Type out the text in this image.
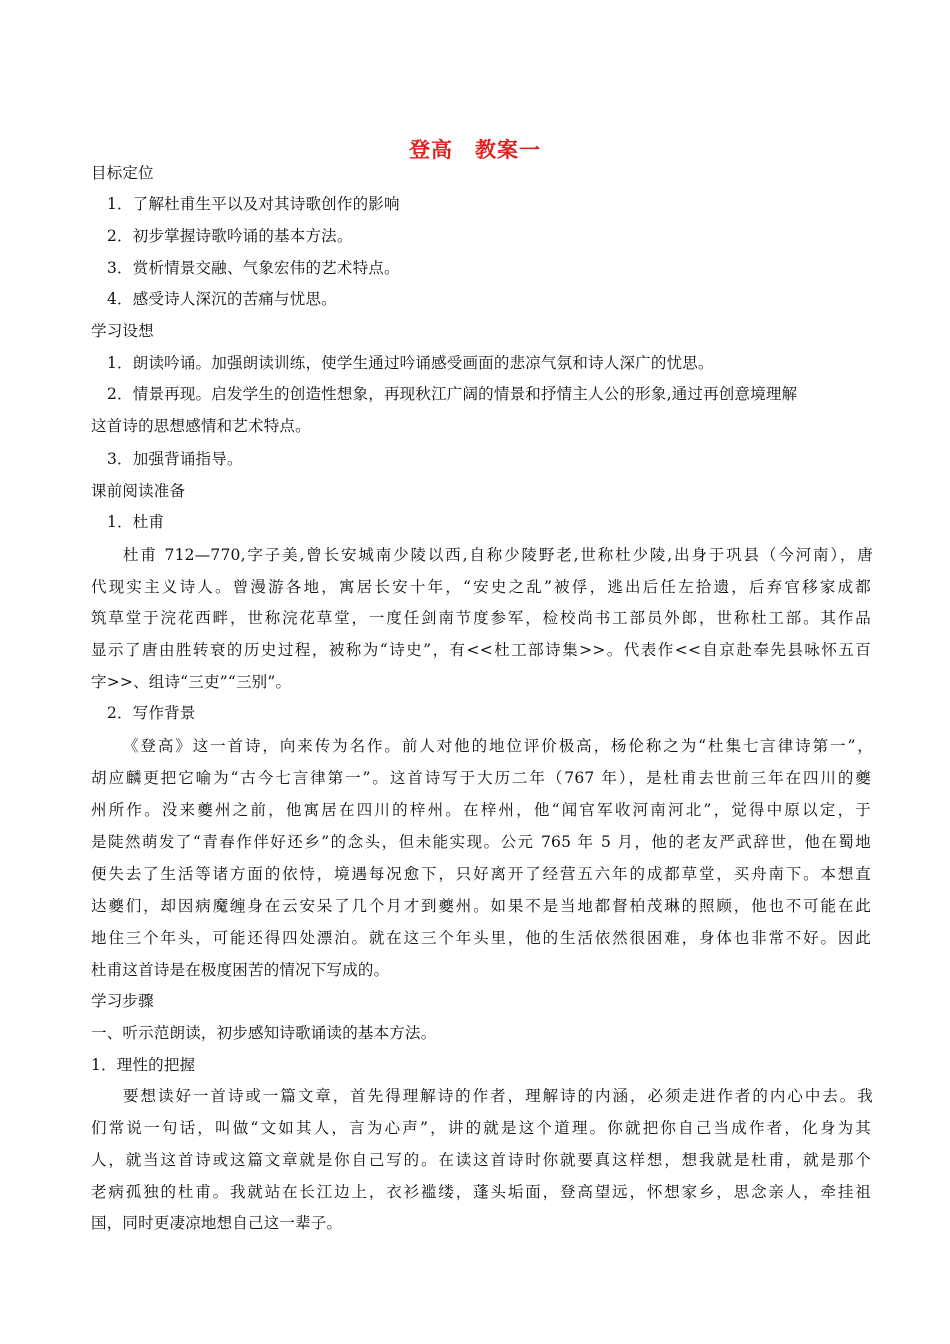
登高　教案一
目标定位
1．了解杜甫生平以及对其诗歌创作的影响
2．初步掌握诗歌吟诵的基本方法。
3．赏析情景交融、气象宏伟的艺术特点。
4．感受诗人深沉的苦痛与忧思。
学习设想
1．朗读吟诵。加强朗读训练，使学生通过吟诵感受画面的悲凉气氛和诗人深广的忧思。
2．情景再现。启发学生的创造性想象，再现秋江广阔的情景和抒情主人公的形象,通过再创意境理解
这首诗的思想感情和艺术特点。
3．加强背诵指导。
课前阅读准备
1．杜甫
杜甫 712—770,字子美,曾长安城南少陵以西,自称少陵野老,世称杜少陵,出身于巩县（今河南），唐
代现实主义诗人。曾漫游各地，寓居长安十年，“安史之乱”被俘，逃出后任左拾遗，后弃官移家成都
筑草堂于浣花西畔，世称浣花草堂，一度任剑南节度参军，检校尚书工部员外郎，世称杜工部。其作品
显示了唐由胜转衰的历史过程，被称为“诗史”，有<<杜工部诗集>>。代表作<<自京赴奉先县咏怀五百
字>>、组诗“三吏”“三别”。
2．写作背景
《登高》这一首诗，向来传为名作。前人对他的地位评价极高，杨伦称之为“杜集七言律诗第一”，
胡应麟更把它喻为“古今七言律第一”。这首诗写于大历二年（767 年），是杜甫去世前三年在四川的夔
州所作。没来夔州之前，他寓居在四川的梓州。在梓州，他“闻官军收河南河北”，觉得中原以定，于
是陡然萌发了“青春作伴好还乡”的念头，但未能实现。公元 765 年 5 月，他的老友严武辞世，他在蜀地
便失去了生活等诸方面的依恃，境遇每况愈下，只好离开了经营五六年的成都草堂，买舟南下。本想直
达夔们，却因病魔缠身在云安呆了几个月才到夔州。如果不是当地都督柏茂琳的照顾，他也不可能在此
地住三个年头，可能还得四处漂泊。就在这三个年头里，他的生活依然很困难，身体也非常不好。因此
杜甫这首诗是在极度困苦的情况下写成的。
学习步骤
一、听示范朗读，初步感知诗歌诵读的基本方法。
1．理性的把握
要想读好一首诗或一篇文章，首先得理解诗的作者，理解诗的内涵，必须走进作者的内心中去。我
们常说一句话，叫做“文如其人，言为心声”，讲的就是这个道理。你就把你自己当成作者，化身为其
人，就当这首诗或这篇文章就是你自己写的。在读这首诗时你就要真这样想，想我就是杜甫，就是那个
老病孤独的杜甫。我就站在长江边上，衣衫褴缕，蓬头垢面，登高望远，怀想家乡，思念亲人，牵挂祖
国，同时更凄凉地想自己这一辈子。
